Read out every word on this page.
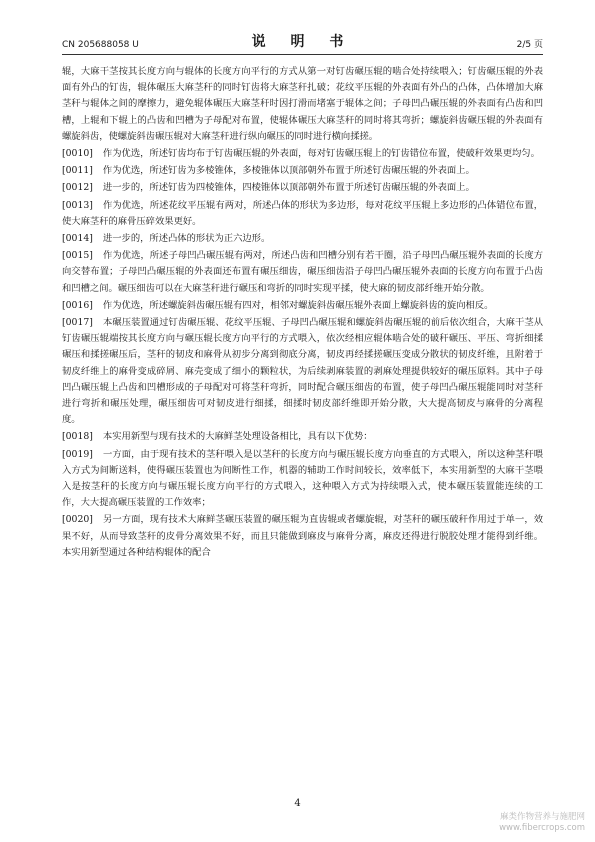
CN 205688058 U	说 明 书	2/5 页

辊，大麻干茎按其长度方向与辊体的长度方向平行的方式从第一对钉齿碾压辊的啮合处持续喂入；钉齿碾压辊的外表面有外凸的钉齿，辊体碾压大麻茎秆的同时钉齿将大麻茎秆扎破；花纹平压辊的外表面有外凸的凸体，凸体增加大麻茎秆与辊体之间的摩擦力，避免辊体碾压大麻茎秆时因打滑而堵塞于辊体之间；子母凹凸碾压辊的外表面有凸齿和凹槽，上辊和下辊上的凸齿和凹槽为子母配对布置，使辊体碾压大麻茎秆的同时将其弯折；螺旋斜齿碾压辊的外表面有螺旋斜齿，使螺旋斜齿碾压辊对大麻茎秆进行纵向碾压的同时进行横向揉搓。

[0010] 作为优选，所述钉齿均布于钉齿碾压辊的外表面，每对钉齿碾压辊上的钉齿错位布置，使破秆效果更均匀。

[0011] 作为优选，所述钉齿为多棱锥体，多棱锥体以顶部朝外布置于所述钉齿碾压辊的外表面上。

[0012] 进一步的，所述钉齿为四棱锥体，四棱锥体以顶部朝外布置于所述钉齿碾压辊的外表面上。

[0013] 作为优选，所述花纹平压辊有两对，所述凸体的形状为多边形，每对花纹平压辊上多边形的凸体错位布置，使大麻茎秆的麻骨压碎效果更好。

[0014] 进一步的，所述凸体的形状为正六边形。

[0015] 作为优选，所述子母凹凸碾压辊有两对，所述凸齿和凹槽分别有若干圈，沿子母凹凸碾压辊外表面的长度方向交替布置；子母凹凸碾压辊的外表面还布置有碾压细齿，碾压细齿沿子母凹凸碾压辊外表面的长度方向布置于凸齿和凹槽之间。碾压细齿可以在大麻茎秆进行碾压和弯折的同时实现平揉，使大麻的韧皮部纤维开始分散。

[0016] 作为优选，所述螺旋斜齿碾压辊有四对，相邻对螺旋斜齿碾压辊外表面上螺旋斜齿的旋向相反。

[0017] 本碾压装置通过钉齿碾压辊、花纹平压辊、子母凹凸碾压辊和螺旋斜齿碾压辊的前后依次组合，大麻干茎从钉齿碾压辊端按其长度方向与碾压辊长度方向平行的方式喂入，依次经相应辊体啮合处的破秆碾压、平压、弯折细揉碾压和揉搓碾压后，茎秆的韧皮和麻骨从初步分离到彻底分离，韧皮再经揉搓碾压变成分散状的韧皮纤维，且附着于韧皮纤维上的麻骨变成碎屑、麻壳变成了细小的颗粒状，为后续剥麻装置的剥麻处理提供较好的碾压原料。其中子母凹凸碾压辊上凸齿和凹槽形成的子母配对可将茎秆弯折，同时配合碾压细齿的布置，使子母凹凸碾压辊能同时对茎秆进行弯折和碾压处理，碾压细齿可对韧皮进行细揉，细揉时韧皮部纤维即开始分散，大大提高韧皮与麻骨的分离程度。

[0018] 本实用新型与现有技术的大麻鲜茎处理设备相比，具有以下优势：

[0019] 一方面，由于现有技术的茎秆喂入是以茎秆的长度方向与碾压辊长度方向垂直的方式喂入，所以这种茎秆喂入方式为间断送料，使得碾压装置也为间断性工作，机器的辅助工作时间较长，效率低下，本实用新型的大麻干茎喂入是按茎秆的长度方向与碾压辊长度方向平行的方式喂入，这种喂入方式为持续喂入式，使本碾压装置能连续的工作，大大提高碾压装置的工作效率；

[0020] 另一方面，现有技术大麻鲜茎碾压装置的碾压辊为直齿辊或者螺旋辊，对茎秆的碾压破秆作用过于单一，效果不好，从而导致茎秆的皮骨分离效果不好，而且只能做到麻皮与麻骨分离，麻皮还得进行脱胶处理才能得到纤维。本实用新型通过各种结构辊体的配合

4
麻类作物营养与施肥网
www.fibercrops.com
